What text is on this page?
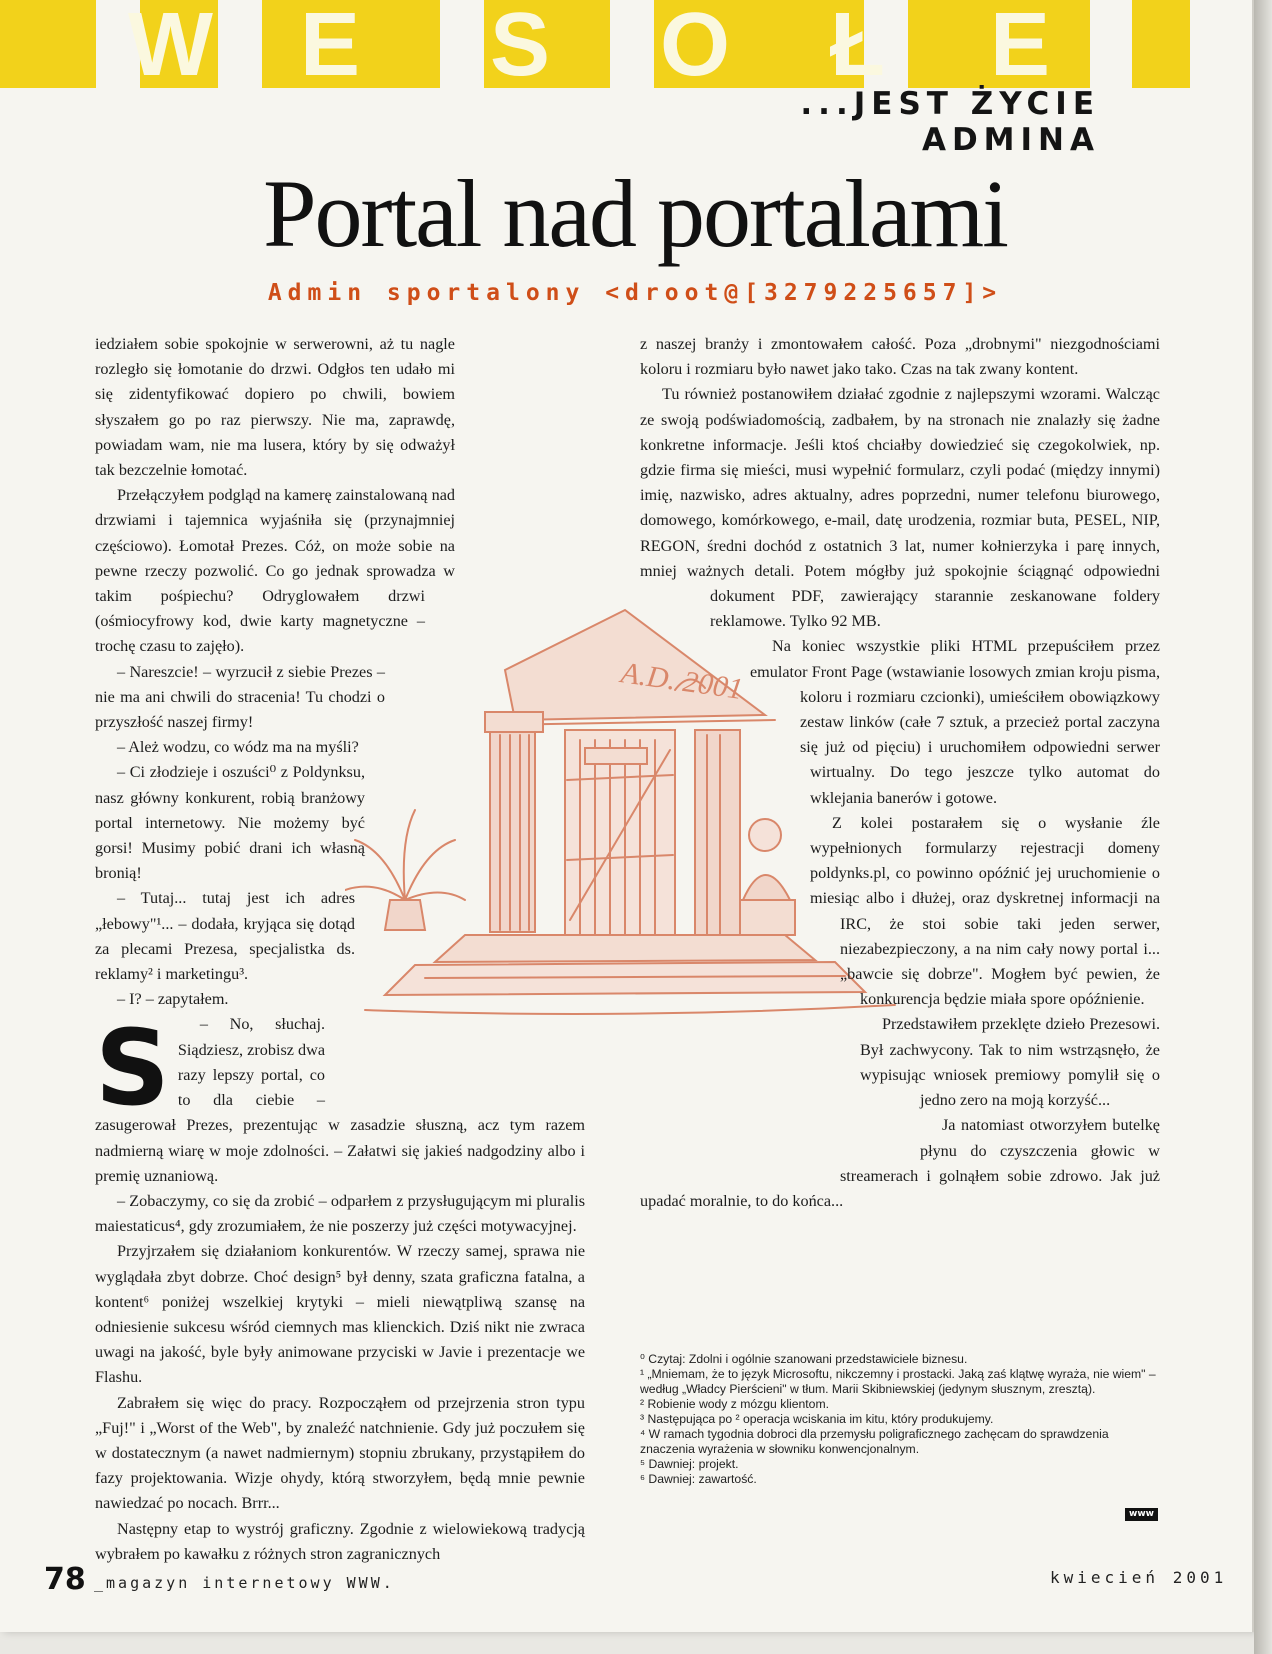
W E S O Ł E
...JEST ŻYCIE ADMINA
Portal nad portalami
Admin sportalony <droot@[3279225657]>
A.D. 2001
S

iedziałem sobie spokojnie w serwerowni, aż tu nagle rozległo się łomotanie do drzwi. Odgłos ten udało mi się zidentyfikować dopiero po chwili, bowiem słyszałem go po raz pierwszy. Nie ma, zaprawdę, powiadam wam, nie ma lusera, który by się odważył tak bezczelnie łomotać.

Przełączyłem podgląd na kamerę zainstalowaną nad drzwiami i tajemnica wyjaśniła się (przynajmniej częściowo). Łomotał Prezes. Cóż, on może sobie na pewne rzeczy pozwolić. Co go jednak sprowadza w takim pośpiechu? Odryglowałem drzwi (ośmiocyfrowy kod, dwie karty magnetyczne – trochę czasu to zajęło).

– Nareszcie! – wyrzucił z siebie Prezes – nie ma ani chwili do stracenia! Tu chodzi o przyszłość naszej firmy!

– Ależ wodzu, co wódz ma na myśli?

– Ci złodzieje i oszuści⁰ z Poldynksu, nasz główny konkurent, robią branżowy portal internetowy. Nie możemy być gorsi! Musimy pobić drani ich własną bronią!

– Tutaj... tutaj jest ich adres „łebowy"¹... – dodała, kryjąca się dotąd za plecami Prezesa, specjalistka ds. reklamy² i marketingu³.

– I? – zapytałem.

– No, słuchaj. Siądziesz, zrobisz dwa razy lepszy portal, co to dla ciebie – zasugerował Prezes, prezentując w zasadzie słuszną, acz tym razem nadmierną wiarę w moje zdolności. – Załatwi się jakieś nadgodziny albo i premię uznaniową.

– Zobaczymy, co się da zrobić – odparłem z przysługującym mi pluralis maiestaticus⁴, gdy zrozumiałem, że nie poszerzy już części motywacyjnej.

Przyjrzałem się działaniom konkurentów. W rzeczy samej, sprawa nie wyglądała zbyt dobrze. Choć design⁵ był denny, szata graficzna fatalna, a kontent⁶ poniżej wszelkiej krytyki – mieli niewątpliwą szansę na odniesienie sukcesu wśród ciemnych mas klienckich. Dziś nikt nie zwraca uwagi na jakość, byle były animowane przyciski w Javie i prezentacje we Flashu.

Zabrałem się więc do pracy. Rozpocząłem od przejrzenia stron typu „Fuj!" i „Worst of the Web", by znaleźć natchnienie. Gdy już poczułem się w dostatecznym (a nawet nadmiernym) stopniu zbrukany, przystąpiłem do fazy projektowania. Wizje ohydy, którą stworzyłem, będą mnie pewnie nawiedzać po nocach. Brrr...

Następny etap to wystrój graficzny. Zgodnie z wielowiekową tradycją wybrałem po kawałku z różnych stron zagranicznych

z naszej branży i zmontowałem całość. Poza „drobnymi" niezgodnościami koloru i rozmiaru było nawet jako tako. Czas na tak zwany kontent.

Tu również postanowiłem działać zgodnie z najlepszymi wzorami. Walcząc ze swoją podświadomością, zadbałem, by na stronach nie znalazły się żadne konkretne informacje. Jeśli ktoś chciałby dowiedzieć się czegokolwiek, np. gdzie firma się mieści, musi wypełnić formularz, czyli podać (między innymi) imię, nazwisko, adres aktualny, adres poprzedni, numer telefonu biurowego, domowego, komórkowego, e-mail, datę urodzenia, rozmiar buta, PESEL, NIP, REGON, średni dochód z ostatnich 3 lat, numer kołnierzyka i parę innych, mniej ważnych detali. Potem mógłby już spokojnie ściągnąć odpowiedni dokument PDF, zawierający starannie zeskanowane foldery reklamowe. Tylko 92 MB.

Na koniec wszystkie pliki HTML przepuściłem przez emulator Front Page (wstawianie losowych zmian kroju pisma, koloru i rozmiaru czcionki), umieściłem obowiązkowy zestaw linków (całe 7 sztuk, a przecież portal zaczyna się już od pięciu) i uruchomiłem odpowiedni serwer wirtualny. Do tego jeszcze tylko automat do wklejania banerów i gotowe.

Z kolei postarałem się o wysłanie źle wypełnionych formularzy rejestracji domeny poldynks.pl, co powinno opóźnić jej uruchomienie o miesiąc albo i dłużej, oraz dyskretnej informacji na IRC, że stoi sobie taki jeden serwer, niezabezpieczony, a na nim cały nowy portal i... „bawcie się dobrze". Mogłem być pewien, że konkurencja będzie miała spore opóźnienie.

Przedstawiłem przeklęte dzieło Prezesowi. Był zachwycony. Tak to nim wstrząsnęło, że wypisując wniosek premiowy pomylił się o jedno zero na moją korzyść...

Ja natomiast otworzyłem butelkę płynu do czyszczenia głowic w streamerach i golnąłem sobie zdrowo. Jak już upadać moralnie, to do końca...

⁰ Czytaj: Zdolni i ogólnie szanowani przedstawiciele biznesu.
¹ „Mniemam, że to język Microsoftu, nikczemny i prostacki. Jaką zaś klątwę wyraża, nie wiem" – według „Władcy Pierścieni" w tłum. Marii Skibniewskiej (jedynym słusznym, zresztą).
² Robienie wody z mózgu klientom.
³ Następująca po ² operacja wciskania im kitu, który produkujemy.
⁴ W ramach tygodnia dobroci dla przemysłu poligraficznego zachęcam do sprawdzenia znaczenia wyrażenia w słowniku konwencjonalnym.
⁵ Dawniej: projekt.
⁶ Dawniej: zawartość.
www
78 _magazyn internetowy WWW.	kwiecień 2001
